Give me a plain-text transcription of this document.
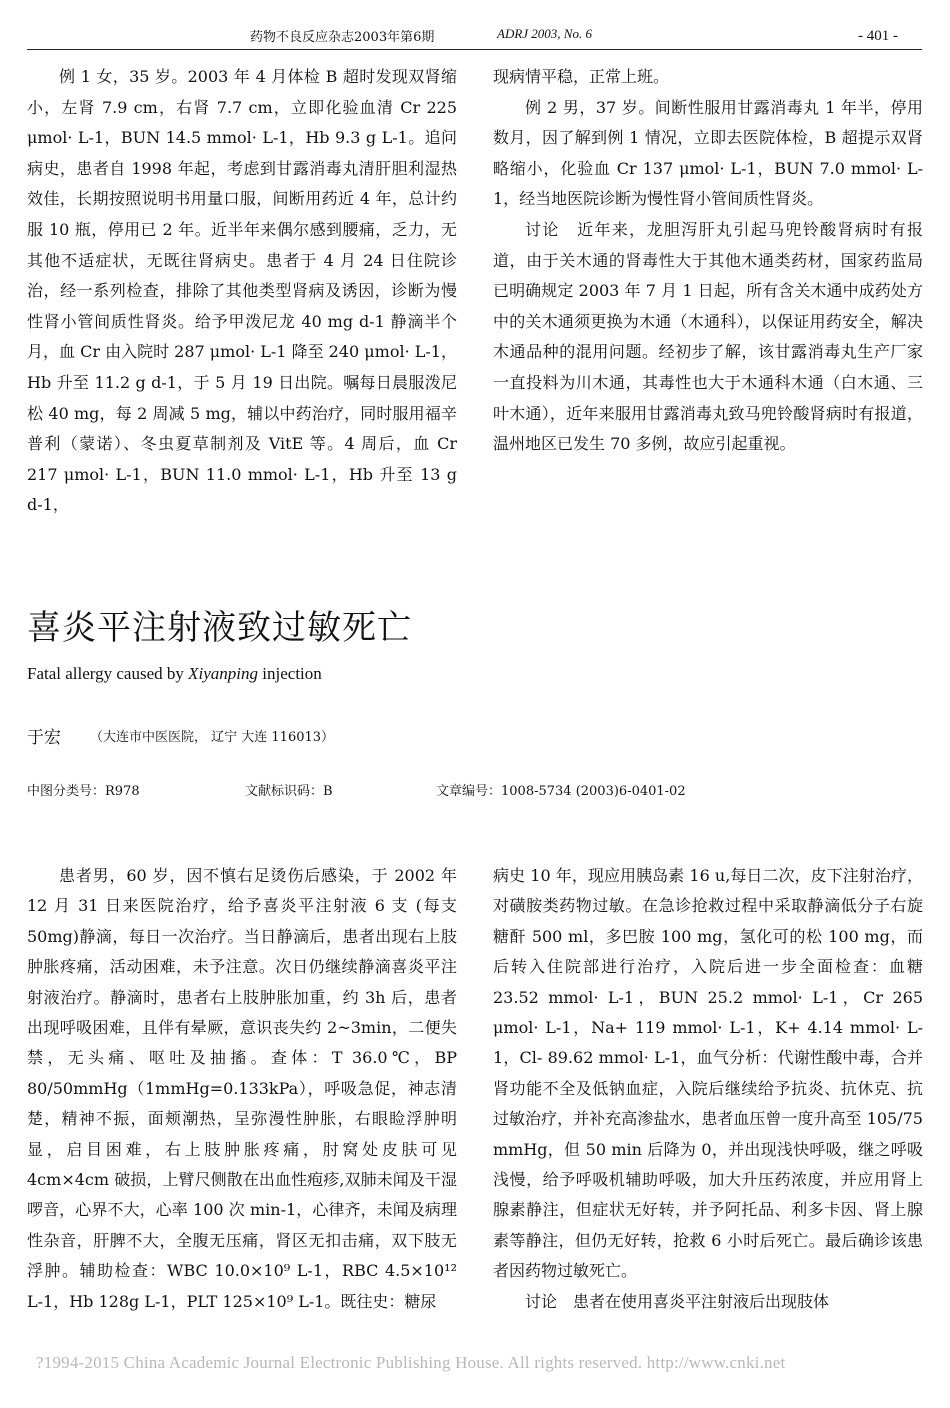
药物不良反应杂志2003年第6期	ADRJ 2003, No. 6	- 401 -

例 1 女，35 岁。2003 年 4 月体检 B 超时发现双肾缩小，左肾 7.9 cm，右肾 7.7 cm，立即化验血清 Cr 225 μmol· L-1，BUN 14.5 mmol· L-1，Hb 9.3 g L-1。追问病史，患者自 1998 年起，考虑到甘露消毒丸清肝胆利湿热效佳，长期按照说明书用量口服，间断用药近 4 年，总计约服 10 瓶，停用已 2 年。近半年来偶尔感到腰痛，乏力，无其他不适症状，无既往肾病史。患者于 4 月 24 日住院诊治，经一系列检查，排除了其他类型肾病及诱因，诊断为慢性肾小管间质性肾炎。给予甲泼尼龙 40 mg d-1 静滴半个月，血 Cr 由入院时 287 μmol· L-1 降至 240 μmol· L-1，Hb 升至 11.2 g d-1，于 5 月 19 日出院。嘱每日晨服泼尼松 40 mg，每 2 周减 5 mg，辅以中药治疗，同时服用福辛普利（蒙诺）、冬虫夏草制剂及 VitE 等。4 周后，血 Cr 217 μmol· L-1，BUN 11.0 mmol· L-1，Hb 升至 13 g d-1，

现病情平稳，正常上班。

例 2 男，37 岁。间断性服用甘露消毒丸 1 年半，停用数月，因了解到例 1 情况，立即去医院体检，B 超提示双肾略缩小，化验血 Cr 137 μmol· L-1，BUN 7.0 mmol· L-1，经当地医院诊断为慢性肾小管间质性肾炎。

讨论　近年来，龙胆泻肝丸引起马兜铃酸肾病时有报道，由于关木通的肾毒性大于其他木通类药材，国家药监局已明确规定 2003 年 7 月 1 日起，所有含关木通中成药处方中的关木通须更换为木通（木通科），以保证用药安全，解决木通品种的混用问题。经初步了解，该甘露消毒丸生产厂家一直投料为川木通，其毒性也大于木通科木通（白木通、三叶木通），近年来服用甘露消毒丸致马兜铃酸肾病时有报道，温州地区已发生 70 多例，故应引起重视。

喜炎平注射液致过敏死亡
Fatal allergy caused by Xiyanping injection
于宏 （大连市中医医院， 辽宁 大连 116013）
中图分类号：R978	文献标识码：B	文章编号：1008-5734 (2003)6-0401-02

患者男，60 岁，因不慎右足烫伤后感染，于 2002 年 12 月 31 日来医院治疗，给予喜炎平注射液 6 支 (每支 50mg)静滴，每日一次治疗。当日静滴后，患者出现右上肢肿胀疼痛，活动困难，未予注意。次日仍继续静滴喜炎平注射液治疗。静滴时，患者右上肢肿胀加重，约 3h 后，患者出现呼吸困难，且伴有晕厥，意识丧失约 2~3min，二便失禁，无头痛、呕吐及抽搐。查体：T 36.0℃，BP 80/50mmHg（1mmHg=0.133kPa），呼吸急促，神志清楚，精神不振，面颊潮热，呈弥漫性肿胀，右眼睑浮肿明显，启目困难，右上肢肿胀疼痛，肘窝处皮肤可见 4cm×4cm 破损，上臂尺侧散在出血性疱疹,双肺未闻及干湿啰音，心界不大，心率 100 次 min-1，心律齐，未闻及病理性杂音，肝脾不大，全腹无压痛，肾区无扣击痛，双下肢无浮肿。辅助检查：WBC 10.0×10⁹ L-1，RBC 4.5×10¹² L-1，Hb 128g L-1，PLT 125×10⁹ L-1。既往史：糖尿

病史 10 年，现应用胰岛素 16 u,每日二次，皮下注射治疗，对磺胺类药物过敏。在急诊抢救过程中采取静滴低分子右旋糖酐 500 ml，多巴胺 100 mg，氢化可的松 100 mg，而后转入住院部进行治疗，入院后进一步全面检查：血糖 23.52 mmol· L-1，BUN 25.2 mmol· L-1，Cr 265 μmol· L-1，Na+ 119 mmol· L-1，K+ 4.14 mmol· L-1，Cl- 89.62 mmol· L-1，血气分析：代谢性酸中毒，合并肾功能不全及低钠血症，入院后继续给予抗炎、抗休克、抗过敏治疗，并补充高渗盐水，患者血压曾一度升高至 105/75 mmHg，但 50 min 后降为 0，并出现浅快呼吸，继之呼吸浅慢，给予呼吸机辅助呼吸，加大升压药浓度，并应用肾上腺素静注，但症状无好转，并予阿托品、利多卡因、肾上腺素等静注，但仍无好转，抢救 6 小时后死亡。最后确诊该患者因药物过敏死亡。

讨论　患者在使用喜炎平注射液后出现肢体

?1994-2015 China Academic Journal Electronic Publishing House. All rights reserved. http://www.cnki.net
